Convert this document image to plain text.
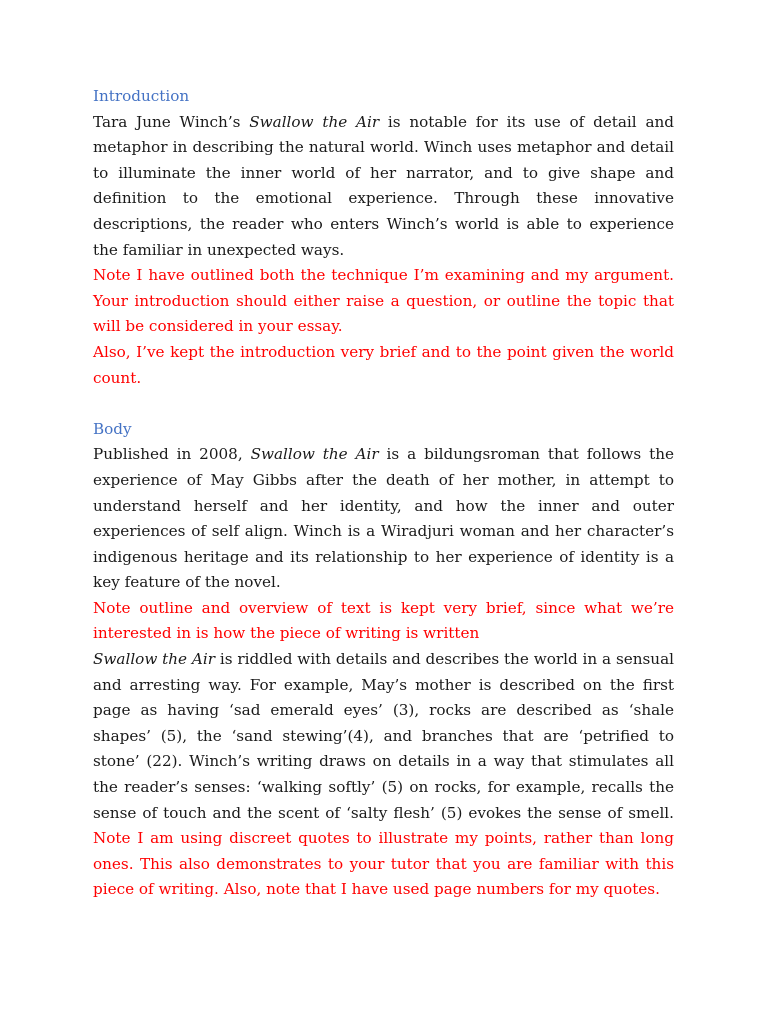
Introduction

Tara June Winch’s Swallow the Air is notable for its use of detail and metaphor in describing the natural world. Winch uses metaphor and detail to illuminate the inner world of her narrator, and to give shape and definition to the emotional experience. Through these innovative descriptions, the reader who enters Winch’s world is able to experience the familiar in unexpected ways.

Note I have outlined both the technique I’m examining and my argument. Your introduction should either raise a question, or outline the topic that will be considered in your essay.

Also, I’ve kept the introduction very brief and to the point given the world count.

Body

Published in 2008, Swallow the Air is a bildungsroman that follows the experience of May Gibbs after the death of her mother, in attempt to understand herself and her identity, and how the inner and outer experiences of self align. Winch is a Wiradjuri woman and her character’s indigenous heritage and its relationship to her experience of identity is a key feature of the novel.

Note outline and overview of text is kept very brief, since what we’re interested in is how the piece of writing is written

Swallow the Air is riddled with details and describes the world in a sensual and arresting way. For example, May’s mother is described on the first page as having ‘sad emerald eyes’ (3), rocks are described as ‘shale shapes’ (5), the ‘sand stewing’(4), and branches that are ‘petrified to stone’ (22). Winch’s writing draws on details in a way that stimulates all the reader’s senses: ‘walking softly’ (5) on rocks, for example, recalls the sense of touch and the scent of ‘salty flesh’ (5) evokes the sense of smell. Note I am using discreet quotes to illustrate my points, rather than long ones. This also demonstrates to your tutor that you are familiar with this piece of writing. Also, note that I have used page numbers for my quotes.
